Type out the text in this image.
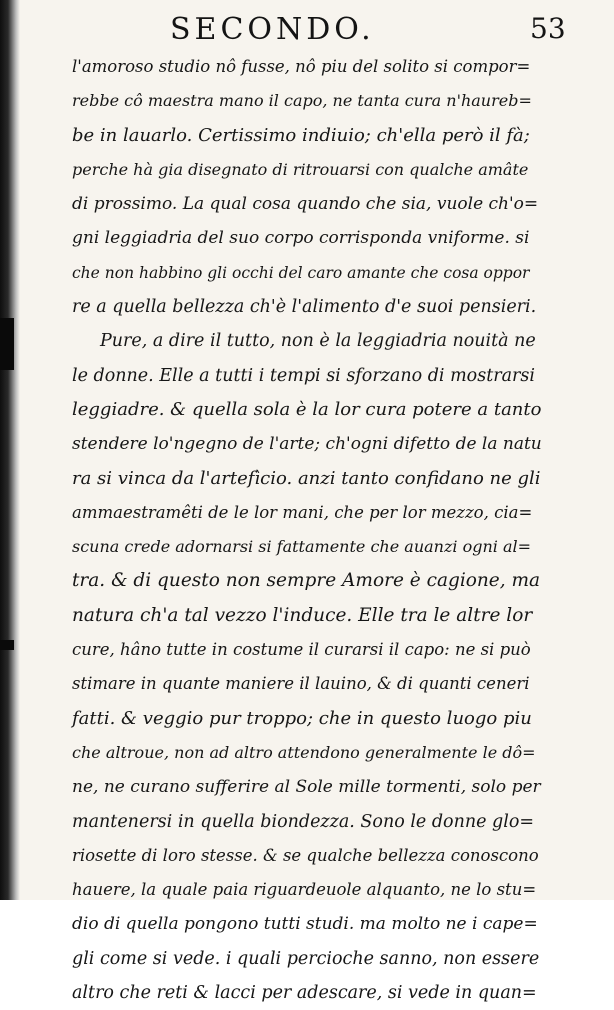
SECONDO.	53
l'amoroso studio nô fusse, nô piu del solito si compor=
rebbe cô maestra mano il capo, ne tanta cura n'haureb=
be in lauarlo. Certissimo indiuio; ch'ella però il fà;
perche hà gia disegnato di ritrouarsi con qualche amâte
di prossimo. La qual cosa quando che sia, vuole ch'o=
gni leggiadria del suo corpo corrisponda vniforme. si
che non habbino gli occhi del caro amante che cosa oppor
re a quella bellezza ch'è l'alimento d'e suoi pensieri.
Pure, a dire il tutto, non è la leggiadria nouità ne
le donne. Elle a tutti i tempi si sforzano di mostrarsi
leggiadre. & quella sola è la lor cura potere a tanto
stendere lo'ngegno de l'arte; ch'ogni difetto de la natu
ra si vinca da l'artefìcio. anzi tanto confidano ne gli
ammaestramêti de le lor mani, che per lor mezzo, cia=
scuna crede adornarsi si fattamente che auanzi ogni al=
tra. & di questo non sempre Amore è cagione, ma
natura ch'a tal vezzo l'induce. Elle tra le altre lor
cure, hâno tutte in costume il curarsi il capo: ne si può
stimare in quante maniere il lauino, & di quanti ceneri
fatti. & veggio pur troppo; che in questo luogo piu
che altroue, non ad altro attendono generalmente le dô=
ne, ne curano sufferire al Sole mille tormenti, solo per
mantenersi in quella biondezza. Sono le donne glo=
riosette di loro stesse. & se qualche bellezza conoscono
hauere, la quale paia riguardeuole alquanto, ne lo stu=
dio di quella pongono tutti studi. ma molto ne i cape=
gli come si vede. i quali percioche sanno, non essere
altro che reti & lacci per adescare, si vede in quan=
